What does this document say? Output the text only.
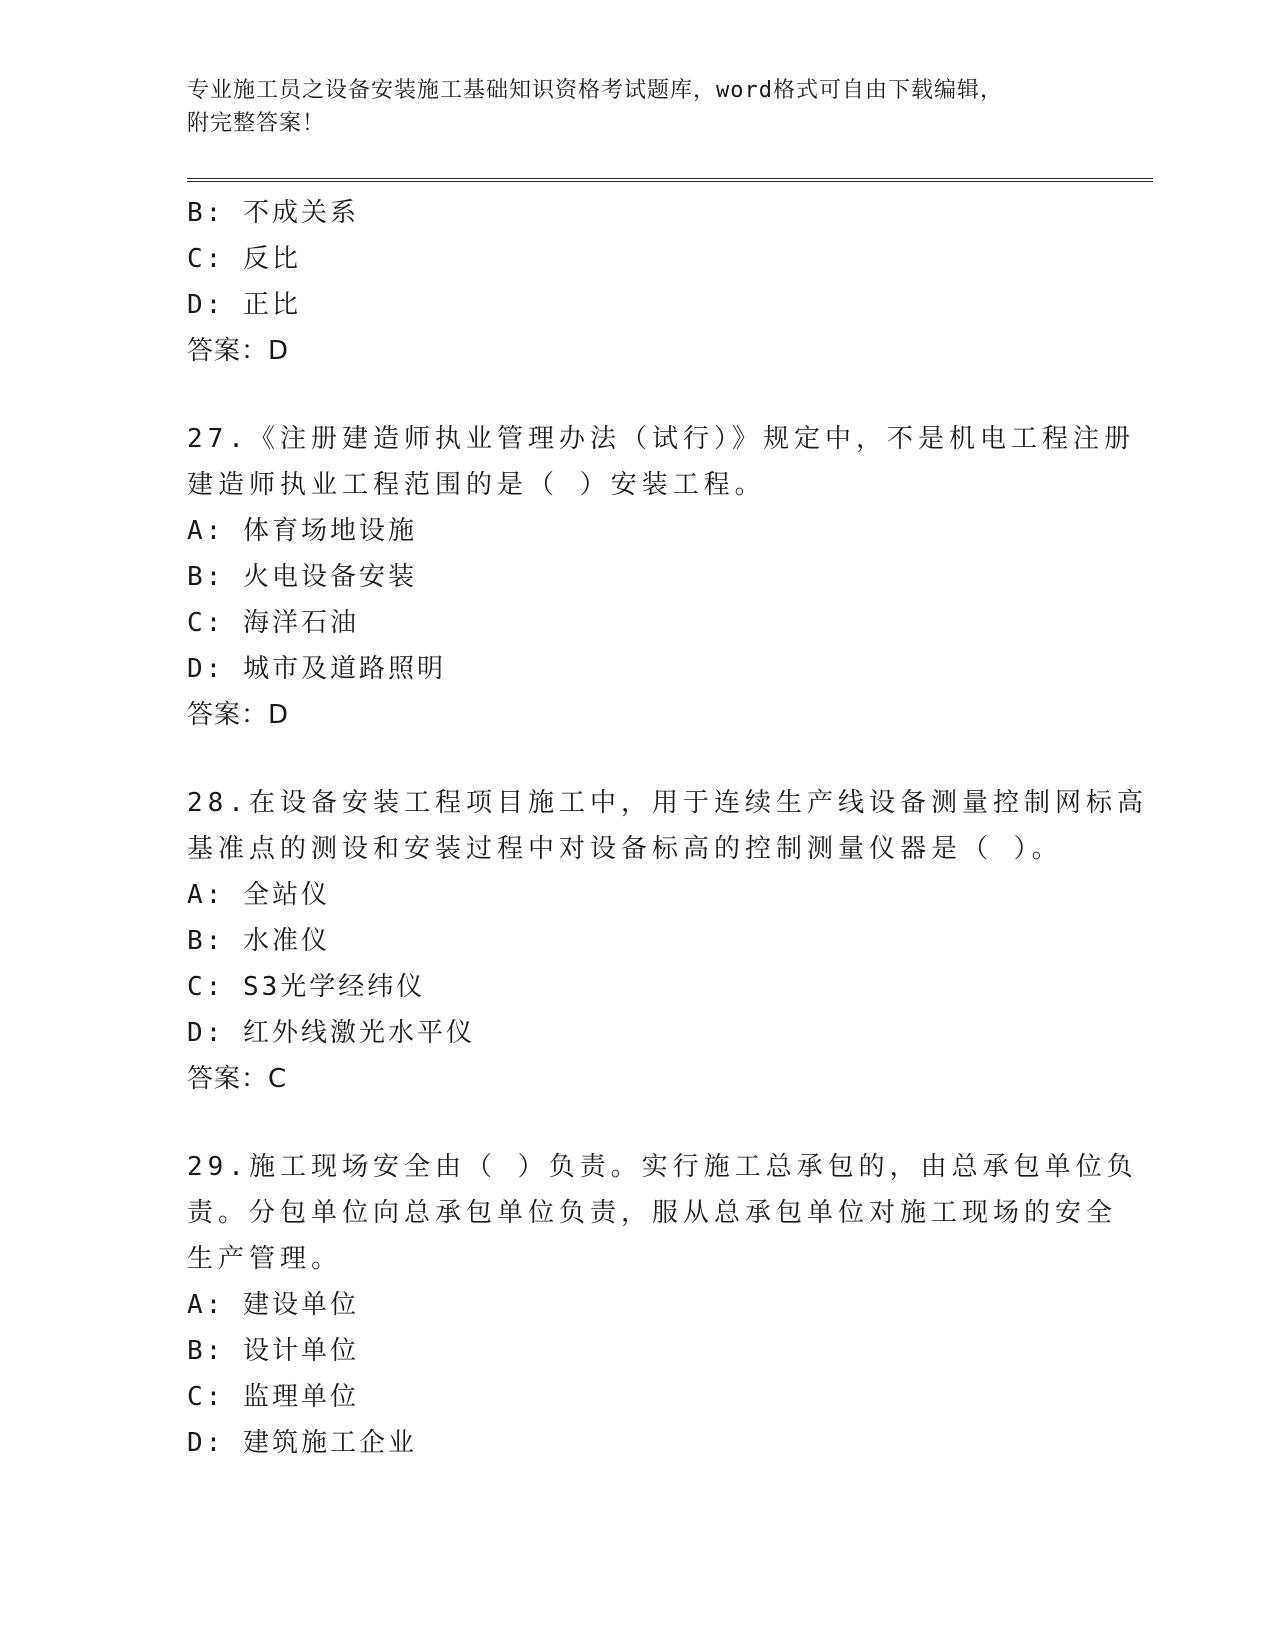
专业施工员之设备安装施工基础知识资格考试题库，word格式可自由下载编辑，
附完整答案！
B: 不成关系
C: 反比
D: 正比
答案：D
27.《注册建造师执业管理办法（试行）》规定中，不是机电工程注册
建造师执业工程范围的是（ ）安装工程。
A: 体育场地设施
B: 火电设备安装
C: 海洋石油
D: 城市及道路照明
答案：D
28.在设备安装工程项目施工中，用于连续生产线设备测量控制网标高
基准点的测设和安装过程中对设备标高的控制测量仪器是（ ）。
A: 全站仪
B: 水准仪
C: S3光学经纬仪
D: 红外线激光水平仪
答案：C
29.施工现场安全由（ ）负责。实行施工总承包的，由总承包单位负
责。分包单位向总承包单位负责，服从总承包单位对施工现场的安全
生产管理。
A: 建设单位
B: 设计单位
C: 监理单位
D: 建筑施工企业
